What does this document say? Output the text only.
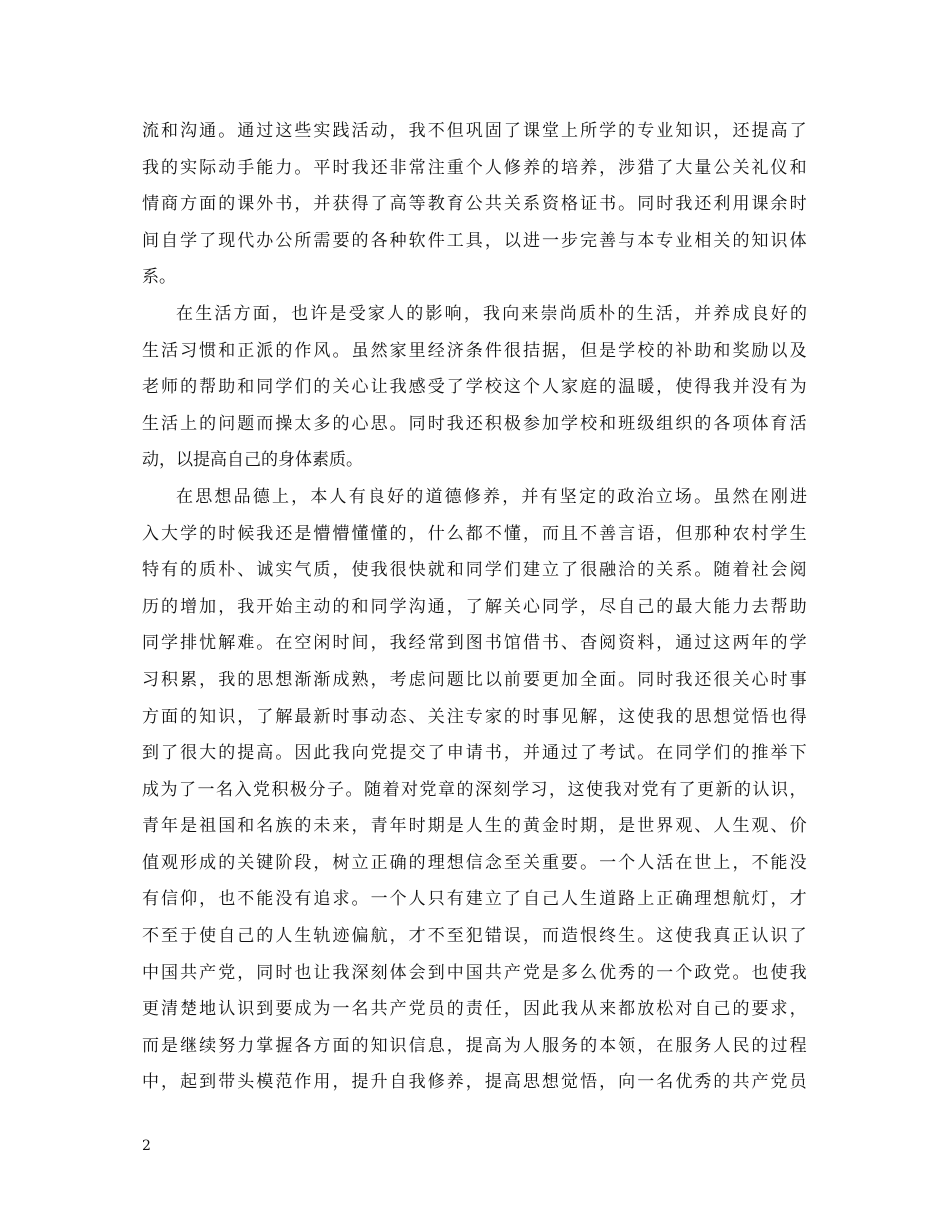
流 和 沟 通 。 通 过 这 些 实 践 活 动 ， 我 不 但 巩 固 了 课 堂 上 所 学 的 专 业 知 识 ， 还 提 高 了
我 的 实 际 动 手 能 力 。 平 时 我 还 非 常 注 重 个 人 修 养 的 培 养 ， 涉 猎 了 大 量 公 关 礼 仪 和
情 商 方 面 的 课 外 书 ， 并 获 得 了 高 等 教 育 公 共 关 系 资 格 证 书 。 同 时 我 还 利 用 课 余 时
间 自 学 了 现 代 办 公 所 需 要 的 各 种 软 件 工 具 ， 以 进 一 步 完 善 与 本 专 业 相 关 的 知 识 体
系 。
在 生 活 方 面 ， 也 许 是 受 家 人 的 影 响 ， 我 向 来 崇 尚 质 朴 的 生 活 ， 并 养 成 良 好 的
生 活 习 惯 和 正 派 的 作 风 。 虽 然 家 里 经 济 条 件 很 拮 据 ， 但 是 学 校 的 补 助 和 奖 励 以 及
老 师 的 帮 助 和 同 学 们 的 关 心 让 我 感 受 了 学 校 这 个 人 家 庭 的 温 暖 ， 使 得 我 并 没 有 为
生 活 上 的 问 题 而 操 太 多 的 心 思 。 同 时 我 还 积 极 参 加 学 校 和 班 级 组 织 的 各 项 体 育 活
动 ， 以 提 高 自 己 的 身 体 素 质 。
在 思 想 品 德 上 ， 本 人 有 良 好 的 道 德 修 养 ， 并 有 坚 定 的 政 治 立 场 。 虽 然 在 刚 进
入 大 学 的 时 候 我 还 是 懵 懵 懂 懂 的 ， 什 么 都 不 懂 ， 而 且 不 善 言 语 ， 但 那 种 农 村 学 生
特 有 的 质 朴 、 诚 实 气 质 ， 使 我 很 快 就 和 同 学 们 建 立 了 很 融 洽 的 关 系 。 随 着 社 会 阅
历 的 增 加 ， 我 开 始 主 动 的 和 同 学 沟 通 ， 了 解 关 心 同 学 ， 尽 自 己 的 最 大 能 力 去 帮 助
同 学 排 忧 解 难 。 在 空 闲 时 间 ， 我 经 常 到 图 书 馆 借 书 、 杳 阅 资 料 ， 通 过 这 两 年 的 学
习 积 累 ， 我 的 思 想 渐 渐 成 熟 ， 考 虑 问 题 比 以 前 要 更 加 全 面 。 同 时 我 还 很 关 心 时 事
方 面 的 知 识 ， 了 解 最 新 时 事 动 态 、 关 注 专 家 的 时 事 见 解 ， 这 使 我 的 思 想 觉 悟 也 得
到 了 很 大 的 提 高 。 因 此 我 向 党 提 交 了 申 请 书 ， 并 通 过 了 考 试 。 在 同 学 们 的 推 举 下
成 为 了 一 名 入 党 积 极 分 子 。 随 着 对 党 章 的 深 刻 学 习 ， 这 使 我 对 党 有 了 更 新 的 认 识 ，
青 年 是 祖 国 和 名 族 的 未 来 ， 青 年 时 期 是 人 生 的 黄 金 时 期 ， 是 世 界 观 、 人 生 观 、 价
值 观 形 成 的 关 键 阶 段 ， 树 立 正 确 的 理 想 信 念 至 关 重 要 。 一 个 人 活 在 世 上 ， 不 能 没
有 信 仰 ， 也 不 能 没 有 追 求 。 一 个 人 只 有 建 立 了 自 己 人 生 道 路 上 正 确 理 想 航 灯 ， 才
不 至 于 使 自 己 的 人 生 轨 迹 偏 航 ， 才 不 至 犯 错 误 ， 而 造 恨 终 生 。 这 使 我 真 正 认 识 了
中 国 共 产 党 ， 同 时 也 让 我 深 刻 体 会 到 中 国 共 产 党 是 多 么 优 秀 的 一 个 政 党 。 也 使 我
更 清 楚 地 认 识 到 要 成 为 一 名 共 产 党 员 的 责 任 ， 因 此 我 从 来 都 放 松 对 自 己 的 要 求 ，
而 是 继 续 努 力 掌 握 各 方 面 的 知 识 信 息 ， 提 高 为 人 服 务 的 本 领 ， 在 服 务 人 民 的 过 程
中 ， 起 到 带 头 模 范 作 用 ， 提 升 自 我 修 养 ， 提 高 思 想 觉 悟 ， 向 一 名 优 秀 的 共 产 党 员
2
